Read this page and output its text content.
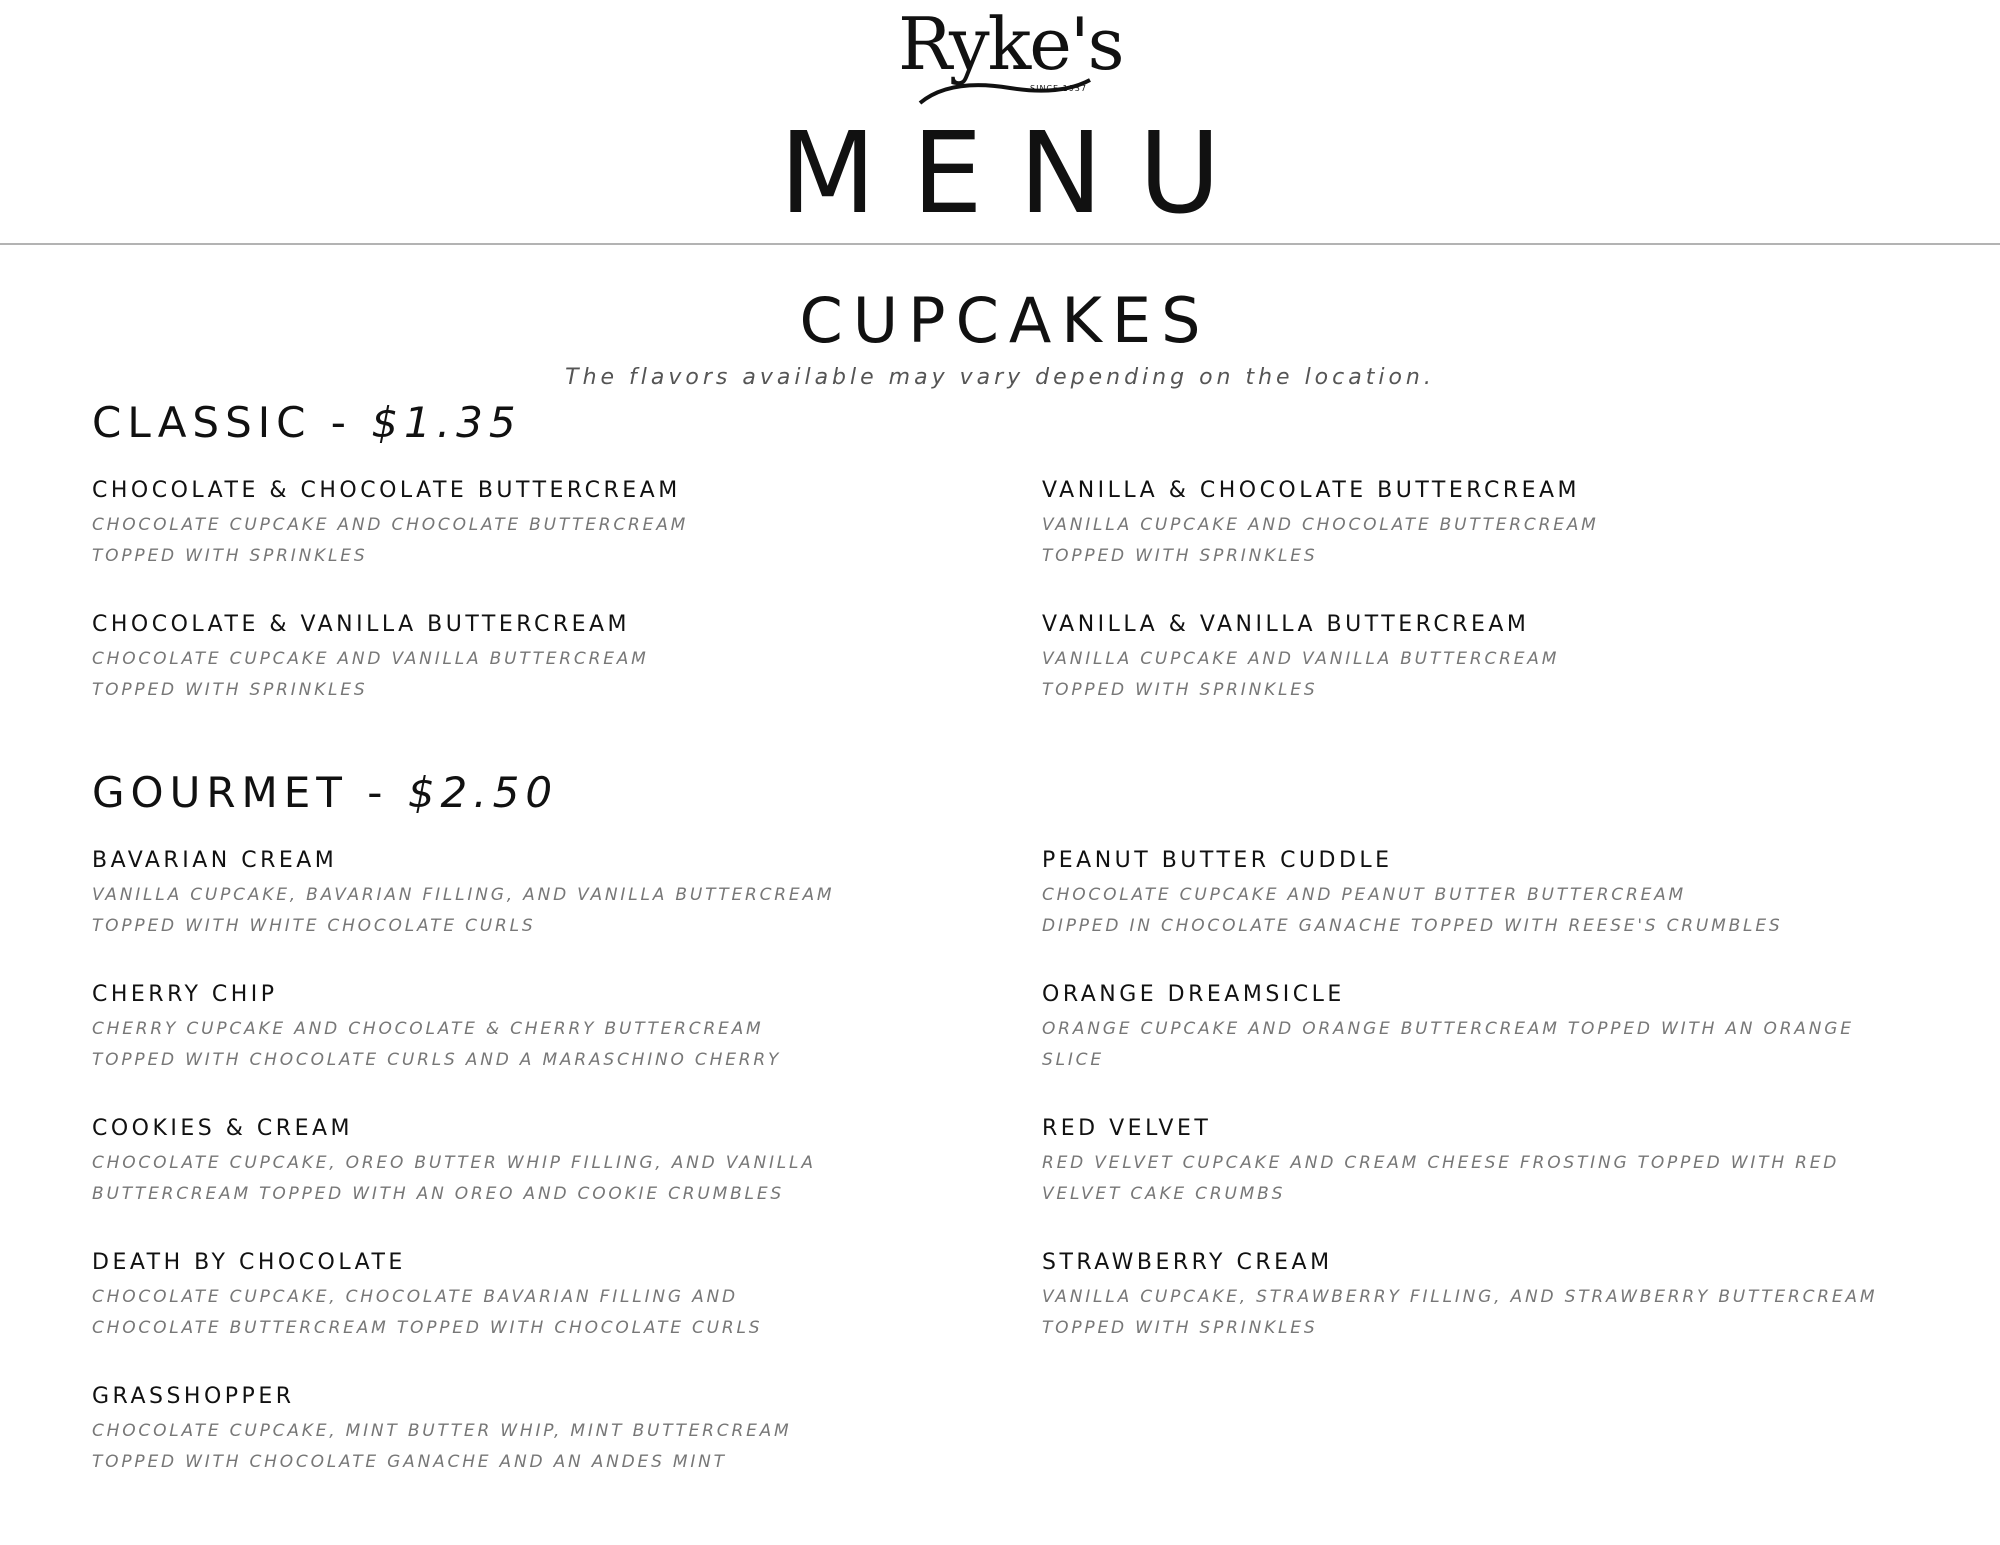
Ryke's
SINCE 1937
MENU
CUPCAKES
The flavors available may vary depending on the location.
CLASSIC - $1.35
CHOCOLATE & CHOCOLATE BUTTERCREAM
CHOCOLATE CUPCAKE AND CHOCOLATE BUTTERCREAM
TOPPED WITH SPRINKLES
VANILLA & CHOCOLATE BUTTERCREAM
VANILLA CUPCAKE AND CHOCOLATE BUTTERCREAM
TOPPED WITH SPRINKLES
CHOCOLATE & VANILLA BUTTERCREAM
CHOCOLATE CUPCAKE AND VANILLA BUTTERCREAM
TOPPED WITH SPRINKLES
VANILLA & VANILLA BUTTERCREAM
VANILLA CUPCAKE AND VANILLA BUTTERCREAM
TOPPED WITH SPRINKLES
GOURMET - $2.50
BAVARIAN CREAM
VANILLA CUPCAKE, BAVARIAN FILLING, AND VANILLA BUTTERCREAM
TOPPED WITH WHITE CHOCOLATE CURLS
PEANUT BUTTER CUDDLE
CHOCOLATE CUPCAKE AND PEANUT BUTTER BUTTERCREAM
DIPPED IN CHOCOLATE GANACHE TOPPED WITH REESE'S CRUMBLES
CHERRY CHIP
CHERRY CUPCAKE AND CHOCOLATE & CHERRY BUTTERCREAM
TOPPED WITH CHOCOLATE CURLS AND A MARASCHINO CHERRY
ORANGE DREAMSICLE
ORANGE CUPCAKE AND ORANGE BUTTERCREAM TOPPED WITH AN ORANGE
SLICE
COOKIES & CREAM
CHOCOLATE CUPCAKE, OREO BUTTER WHIP FILLING, AND VANILLA
BUTTERCREAM TOPPED WITH AN OREO AND COOKIE CRUMBLES
RED VELVET
RED VELVET CUPCAKE AND CREAM CHEESE FROSTING TOPPED WITH RED
VELVET CAKE CRUMBS
DEATH BY CHOCOLATE
CHOCOLATE CUPCAKE, CHOCOLATE BAVARIAN FILLING AND
CHOCOLATE BUTTERCREAM TOPPED WITH CHOCOLATE CURLS
STRAWBERRY CREAM
VANILLA CUPCAKE, STRAWBERRY FILLING, AND STRAWBERRY BUTTERCREAM
TOPPED WITH SPRINKLES
GRASSHOPPER
CHOCOLATE CUPCAKE, MINT BUTTER WHIP, MINT BUTTERCREAM
TOPPED WITH CHOCOLATE GANACHE AND AN ANDES MINT
